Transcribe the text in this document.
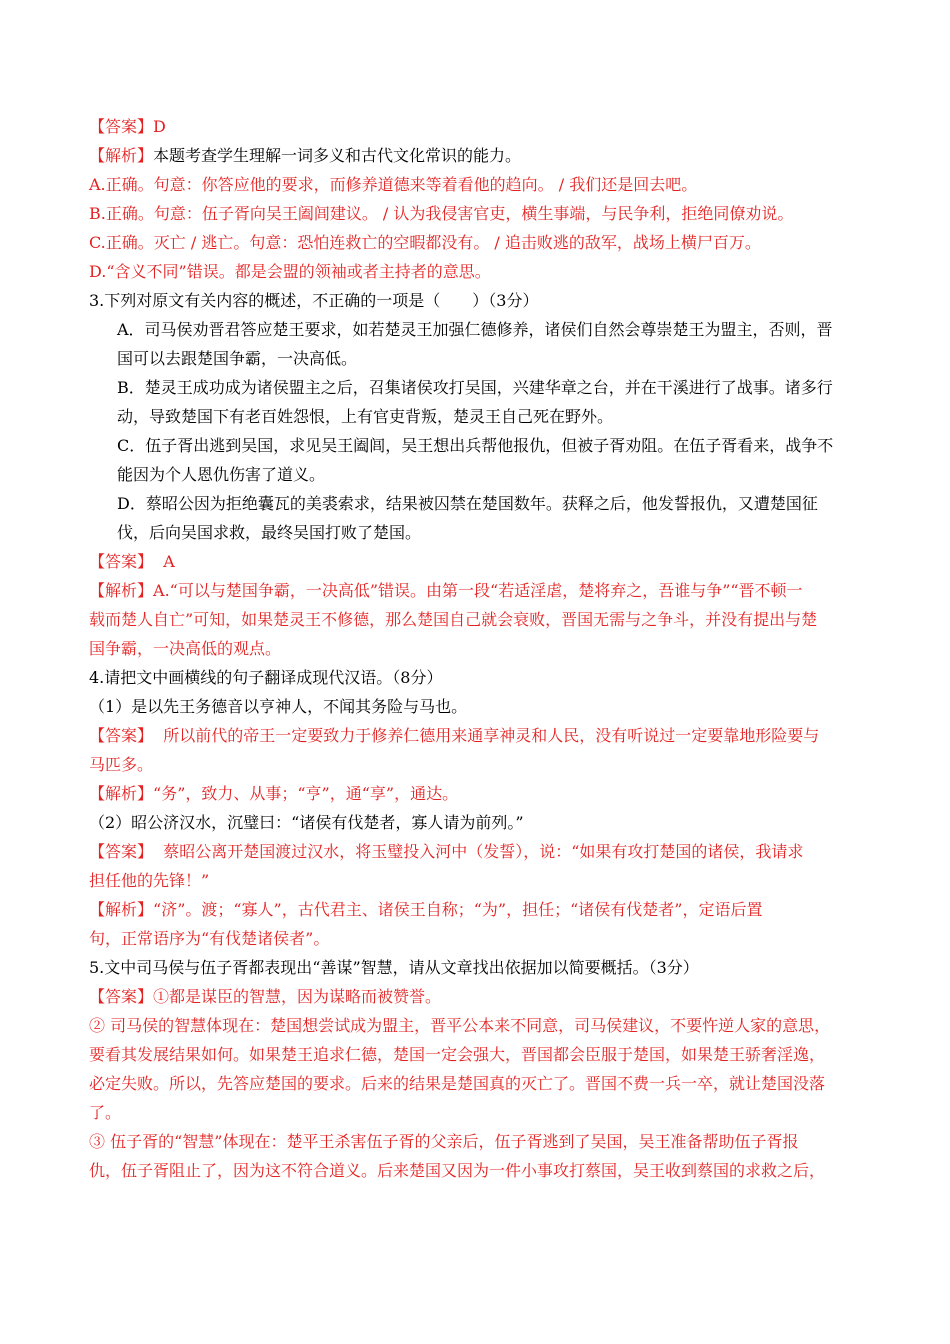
【答案】D

【解析】本题考查学生理解一词多义和古代文化常识的能力。

A.正确。句意：你答应他的要求，而修养道德来等着看他的趋向。 / 我们还是回去吧。

B.正确。句意：伍子胥向吴王阖闾建议。 / 认为我侵害官吏，横生事端，与民争利，拒绝同僚劝说。

C.正确。灭亡 / 逃亡。句意：恐怕连救亡的空暇都没有。 / 追击败逃的敌军，战场上横尸百万。

D.“含义不同”错误。都是会盟的领袖或者主持者的意思。

3.下列对原文有关内容的概述，不正确的一项是（　　）（3分）

A．司马侯劝晋君答应楚王要求，如若楚灵王加强仁德修养，诸侯们自然会尊崇楚王为盟主，否则，晋

国可以去跟楚国争霸，一决高低。

B．楚灵王成功成为诸侯盟主之后，召集诸侯攻打吴国，兴建华章之台，并在干溪进行了战事。诸多行

动，导致楚国下有老百姓怨恨，上有官吏背叛，楚灵王自己死在野外。

C．伍子胥出逃到吴国，求见吴王阖闾，吴王想出兵帮他报仇，但被子胥劝阻。在伍子胥看来，战争不

能因为个人恩仇伤害了道义。

D．蔡昭公因为拒绝囊瓦的美裘索求，结果被囚禁在楚国数年。获释之后，他发誓报仇，又遭楚国征

伐，后向吴国求救，最终吴国打败了楚国。

【答案】 A

【解析】A.“可以与楚国争霸，一决高低”错误。由第一段“若适淫虐，楚将弃之，吾谁与争”“晋不顿一

载而楚人自亡”可知，如果楚灵王不修德，那么楚国自己就会衰败，晋国无需与之争斗，并没有提出与楚

国争霸，一决高低的观点。

4.请把文中画横线的句子翻译成现代汉语。（8分）

（1）是以先王务德音以亨神人，不闻其务险与马也。

【答案】 所以前代的帝王一定要致力于修养仁德用来通享神灵和人民，没有听说过一定要靠地形险要与

马匹多。

【解析】“务”，致力、从事；“亨”，通“享”，通达。

（2）昭公济汉水，沉璧曰：“诸侯有伐楚者，寡人请为前列。”

【答案】 蔡昭公离开楚国渡过汉水，将玉璧投入河中（发誓），说：“如果有攻打楚国的诸侯，我请求

担任他的先锋！”

【解析】“济”。渡；“寡人”，古代君主、诸侯王自称；“为”，担任；“诸侯有伐楚者”，定语后置

句，正常语序为“有伐楚诸侯者”。

5.文中司马侯与伍子胥都表现出“善谋”智慧，请从文章找出依据加以简要概括。（3分）

【答案】①都是谋臣的智慧，因为谋略而被赞誉。

② 司马侯的智慧体现在：楚国想尝试成为盟主，晋平公本来不同意，司马侯建议，不要忤逆人家的意思，

要看其发展结果如何。如果楚王追求仁德，楚国一定会强大，晋国都会臣服于楚国，如果楚王骄奢淫逸，

必定失败。所以，先答应楚国的要求。后来的结果是楚国真的灭亡了。晋国不费一兵一卒，就让楚国没落

了。

③ 伍子胥的“智慧”体现在：楚平王杀害伍子胥的父亲后，伍子胥逃到了吴国，吴王准备帮助伍子胥报

仇，伍子胥阻止了，因为这不符合道义。后来楚国又因为一件小事攻打蔡国，吴王收到蔡国的求救之后，
